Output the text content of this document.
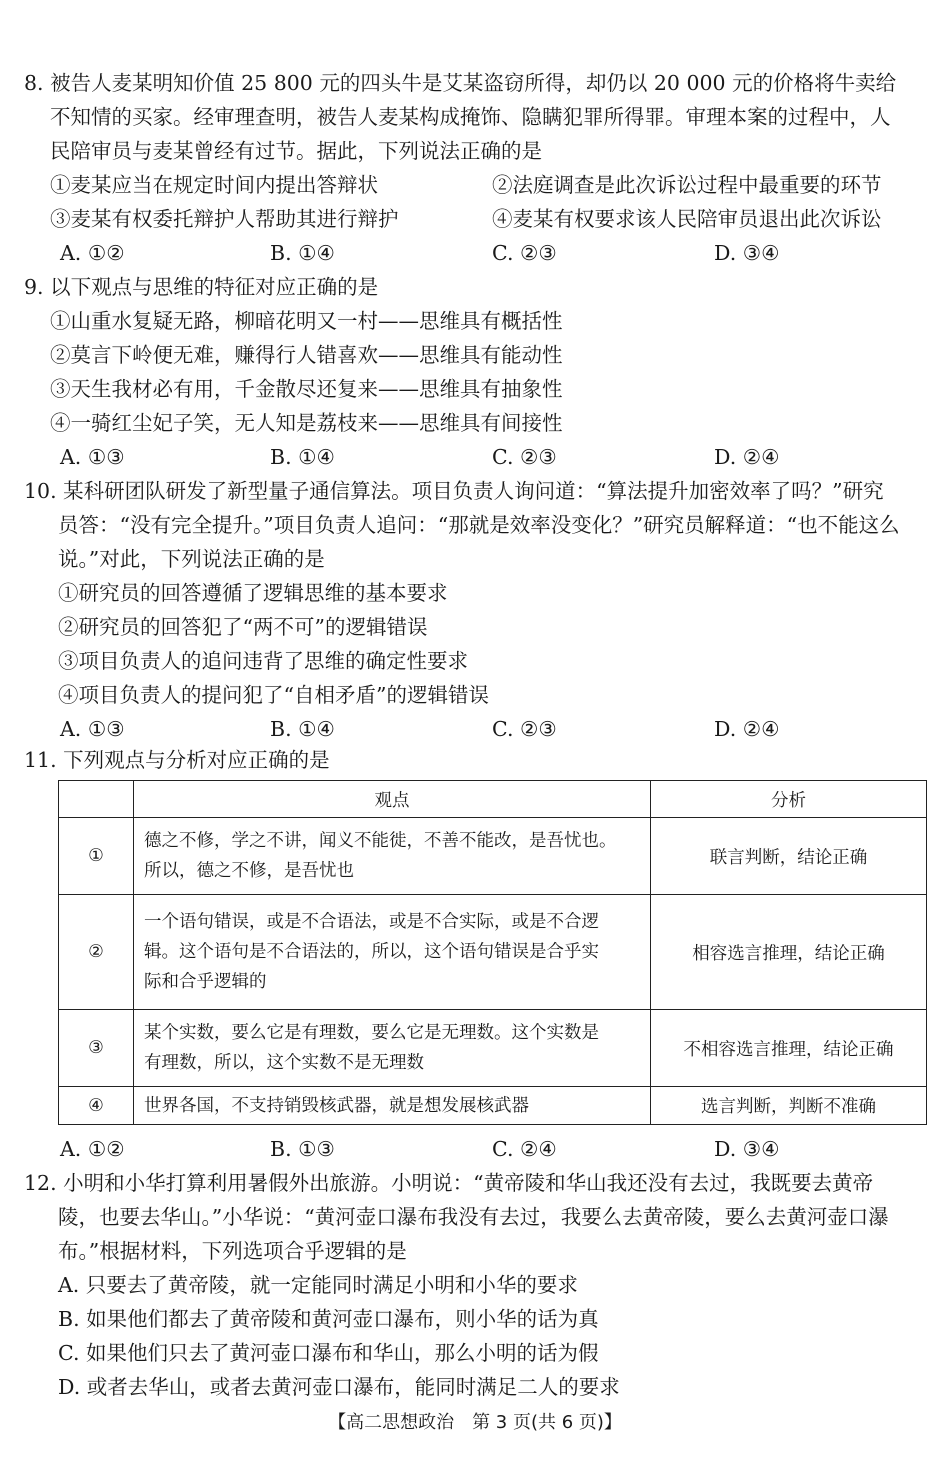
8. 被告人麦某明知价值 25 800 元的四头牛是艾某盗窃所得，却仍以 20 000 元的价格将牛卖给
不知情的买家。经审理查明，被告人麦某构成掩饰、隐瞒犯罪所得罪。审理本案的过程中，人
民陪审员与麦某曾经有过节。据此，下列说法正确的是
①麦某应当在规定时间内提出答辩状	②法庭调查是此次诉讼过程中最重要的环节
③麦某有权委托辩护人帮助其进行辩护	④麦某有权要求该人民陪审员退出此次诉讼
A. ①②	B. ①④	C. ②③	D. ③④
9. 以下观点与思维的特征对应正确的是
①山重水复疑无路，柳暗花明又一村——思维具有概括性
②莫言下岭便无难，赚得行人错喜欢——思维具有能动性
③天生我材必有用，千金散尽还复来——思维具有抽象性
④一骑红尘妃子笑，无人知是荔枝来——思维具有间接性
A. ①③	B. ①④	C. ②③	D. ②④
10. 某科研团队研发了新型量子通信算法。项目负责人询问道：“算法提升加密效率了吗？”研究
员答：“没有完全提升。”项目负责人追问：“那就是效率没变化？”研究员解释道：“也不能这么
说。”对此，下列说法正确的是
①研究员的回答遵循了逻辑思维的基本要求
②研究员的回答犯了“两不可”的逻辑错误
③项目负责人的追问违背了思维的确定性要求
④项目负责人的提问犯了“自相矛盾”的逻辑错误
A. ①③	B. ①④	C. ②③	D. ②④
11. 下列观点与分析对应正确的是
	观点	分析
①	德之不修，学之不讲，闻义不能徙，不善不能改，是吾忧也。
所以，德之不修，是吾忧也	联言判断，结论正确
②	一个语句错误，或是不合语法，或是不合实际，或是不合逻
辑。这个语句是不合语法的，所以，这个语句错误是合乎实
际和合乎逻辑的	相容选言推理，结论正确
③	某个实数，要么它是有理数，要么它是无理数。这个实数是
有理数，所以，这个实数不是无理数	不相容选言推理，结论正确
④	世界各国，不支持销毁核武器，就是想发展核武器	选言判断，判断不准确
A. ①②	B. ①③	C. ②④	D. ③④
12. 小明和小华打算利用暑假外出旅游。小明说：“黄帝陵和华山我还没有去过，我既要去黄帝
陵，也要去华山。”小华说：“黄河壶口瀑布我没有去过，我要么去黄帝陵，要么去黄河壶口瀑
布。”根据材料，下列选项合乎逻辑的是
A. 只要去了黄帝陵，就一定能同时满足小明和小华的要求
B. 如果他们都去了黄帝陵和黄河壶口瀑布，则小华的话为真
C. 如果他们只去了黄河壶口瀑布和华山，那么小明的话为假
D. 或者去华山，或者去黄河壶口瀑布，能同时满足二人的要求
【高二思想政治　第 3 页(共 6 页)】
